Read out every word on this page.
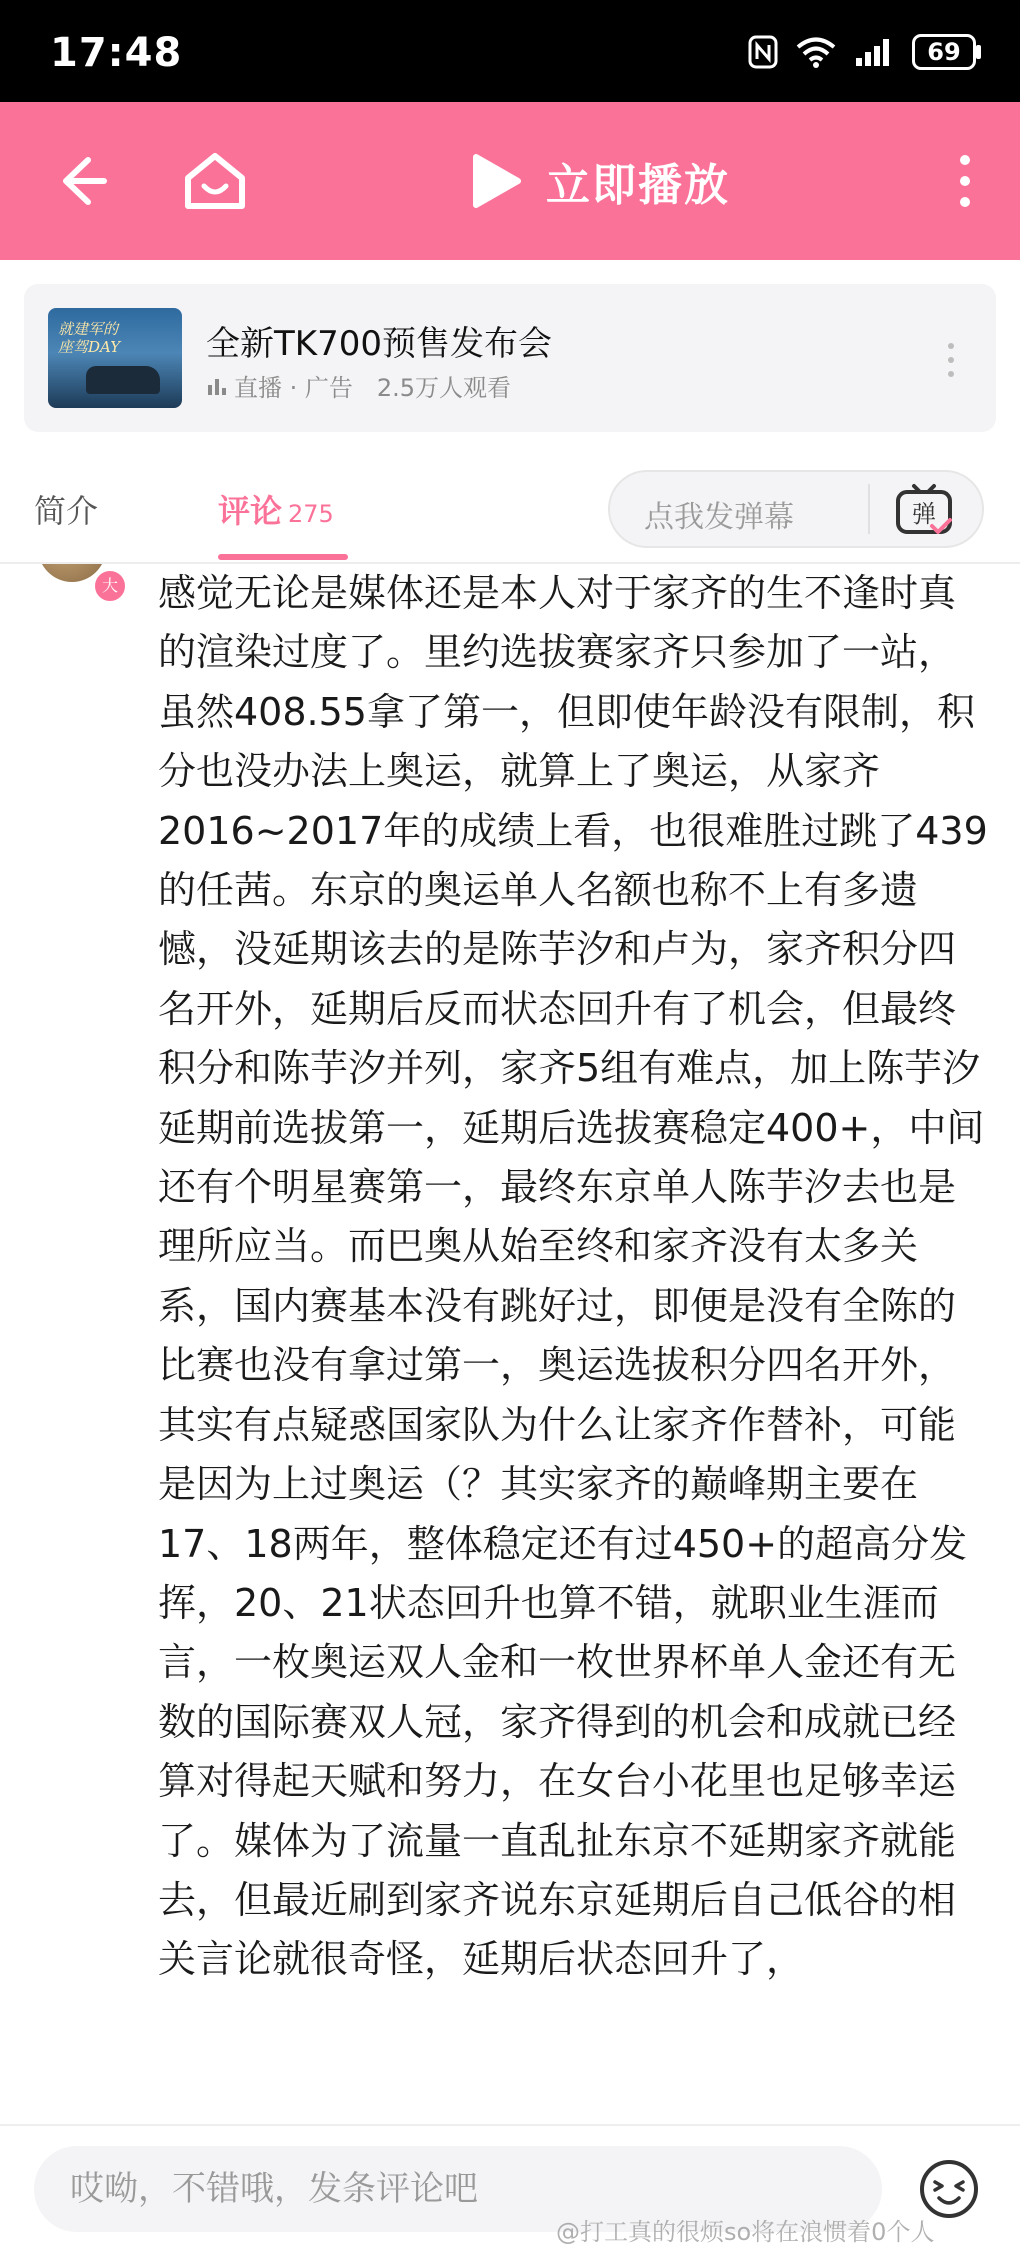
17:48	69
立即播放
就建军的
座驾DAY	全新TK700预售发布会
直播 · 广告 2.5万人观看
简介	评论 275	点我发弹幕	弹
大 感觉无论是媒体还是本人对于家齐的生不逢时真的渲染过度了。里约选拔赛家齐只参加了一站，虽然408.55拿了第一，但即使年龄没有限制，积分也没办法上奥运，就算上了奥运，从家齐2016~2017年的成绩上看，也很难胜过跳了439的任茜。东京的奥运单人名额也称不上有多遗憾，没延期该去的是陈芋汐和卢为，家齐积分四名开外，延期后反而状态回升有了机会，但最终积分和陈芋汐并列，家齐5组有难点，加上陈芋汐延期前选拔第一，延期后选拔赛稳定400+，中间还有个明星赛第一，最终东京单人陈芋汐去也是理所应当。而巴奥从始至终和家齐没有太多关系，国内赛基本没有跳好过，即便是没有全陈的比赛也没有拿过第一，奥运选拔积分四名开外，其实有点疑惑国家队为什么让家齐作替补，可能是因为上过奥运（？其实家齐的巅峰期主要在17、18两年，整体稳定还有过450+的超高分发挥，20、21状态回升也算不错，就职业生涯而言，一枚奥运双人金和一枚世界杯单人金还有无数的国际赛双人冠，家齐得到的机会和成就已经算对得起天赋和努力，在女台小花里也足够幸运了。媒体为了流量一直乱扯东京不延期家齐就能去，但最近刷到家齐说东京延期后自己低谷的相关言论就很奇怪，延期后状态回升了，

哎呦，不错哦，发条评论吧
@打工真的很烦so将在浪惯着0个人
